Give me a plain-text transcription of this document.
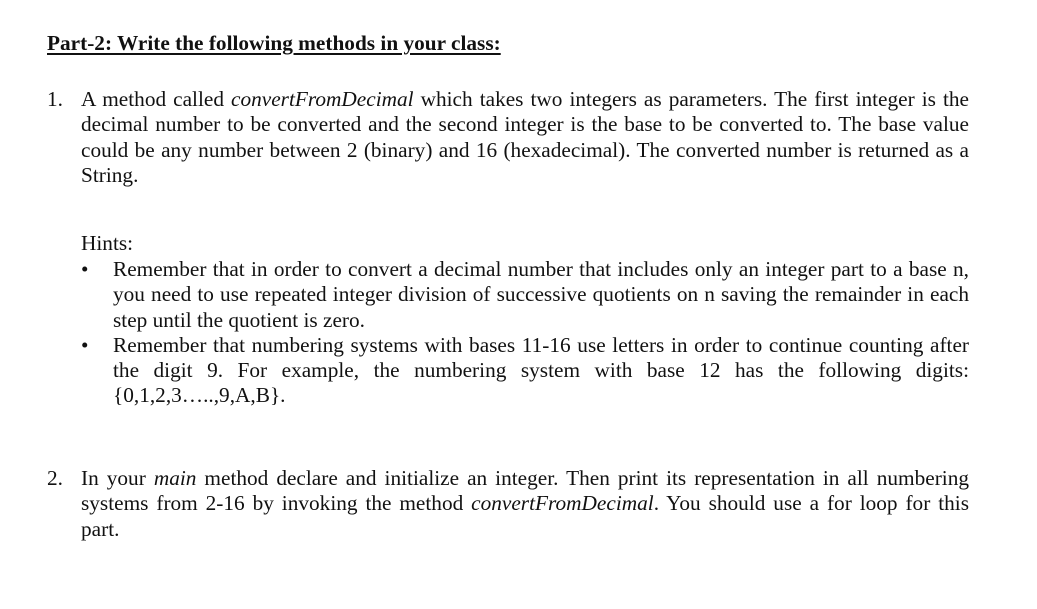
Part-2: Write the following methods in your class:
1. A method called convertFromDecimal which takes two integers as parameters. The first integer is the decimal number to be converted and the second integer is the base to be converted to. The base value could be any number between 2 (binary) and 16 (hexadecimal). The converted number is returned as a String.
Hints:
• Remember that in order to convert a decimal number that includes only an integer part to a base n, you need to use repeated integer division of successive quotients on n saving the remainder in each step until the quotient is zero.
• Remember that numbering systems with bases 11-16 use letters in order to continue counting after the digit 9. For example, the numbering system with base 12 has the following digits: {0,1,2,3…..,9,A,B}.
2. In your main method declare and initialize an integer. Then print its representation in all numbering systems from 2-16 by invoking the method convertFromDecimal. You should use a for loop for this part.
